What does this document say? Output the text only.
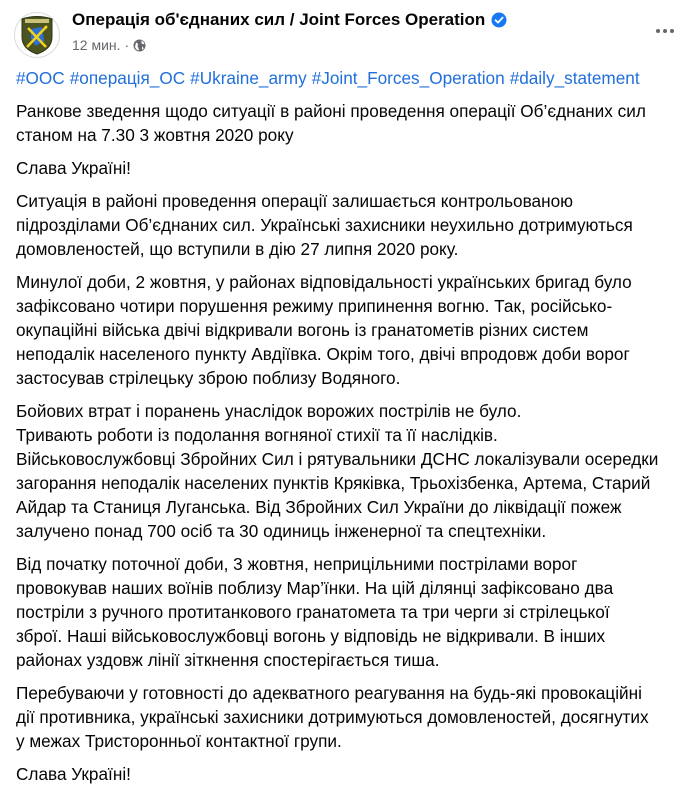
Операція об'єднаних сил / Joint Forces Operation
12 мин. ·

#ООС #операція_ОС #Ukraine_army #Joint_Forces_Operation #daily_statement

Ранкове зведення щодо ситуації в районі проведення операції Об’єднаних сил
станом на 7.30 3 жовтня 2020 року

Слава Україні!

Ситуація в районі проведення операції залишається контрольованою
підрозділами Об’єднаних сил. Українські захисники неухильно дотримуються
домовленостей, що вступили в дію 27 липня 2020 року.

Минулої доби, 2 жовтня, у районах відповідальності українських бригад було
зафіксовано чотири порушення режиму припинення вогню. Так, російсько-
окупаційні війська двічі відкривали вогонь із гранатометів різних систем
неподалік населеного пункту Авдіївка. Окрім того, двічі впродовж доби ворог
застосував стрілецьку зброю поблизу Водяного.

Бойових втрат і поранень унаслідок ворожих пострілів не було.
Тривають роботи із подолання вогняної стихії та її наслідків.
Військовослужбовці Збройних Сил і рятувальники ДСНС локалізували осередки
загорання неподалік населених пунктів Кряківка, Трьохізбенка, Артема, Старий
Айдар та Станиця Луганська. Від Збройних Сил України до ліквідації пожеж
залучено понад 700 осіб та 30 одиниць інженерної та спецтехніки.

Від початку поточної доби, 3 жовтня, неприцільними пострілами ворог
провокував наших воїнів поблизу Мар’їнки. На цій ділянці зафіксовано два
постріли з ручного протитанкового гранатомета та три черги зі стрілецької
зброї. Наші військовослужбовці вогонь у відповідь не відкривали. В інших
районах уздовж лінії зіткнення спостерігається тиша.

Перебуваючи у готовності до адекватного реагування на будь-які провокаційні
дії противника, українські захисники дотримуються домовленостей, досягнутих
у межах Тристоронньої контактної групи.

Слава Україні!
